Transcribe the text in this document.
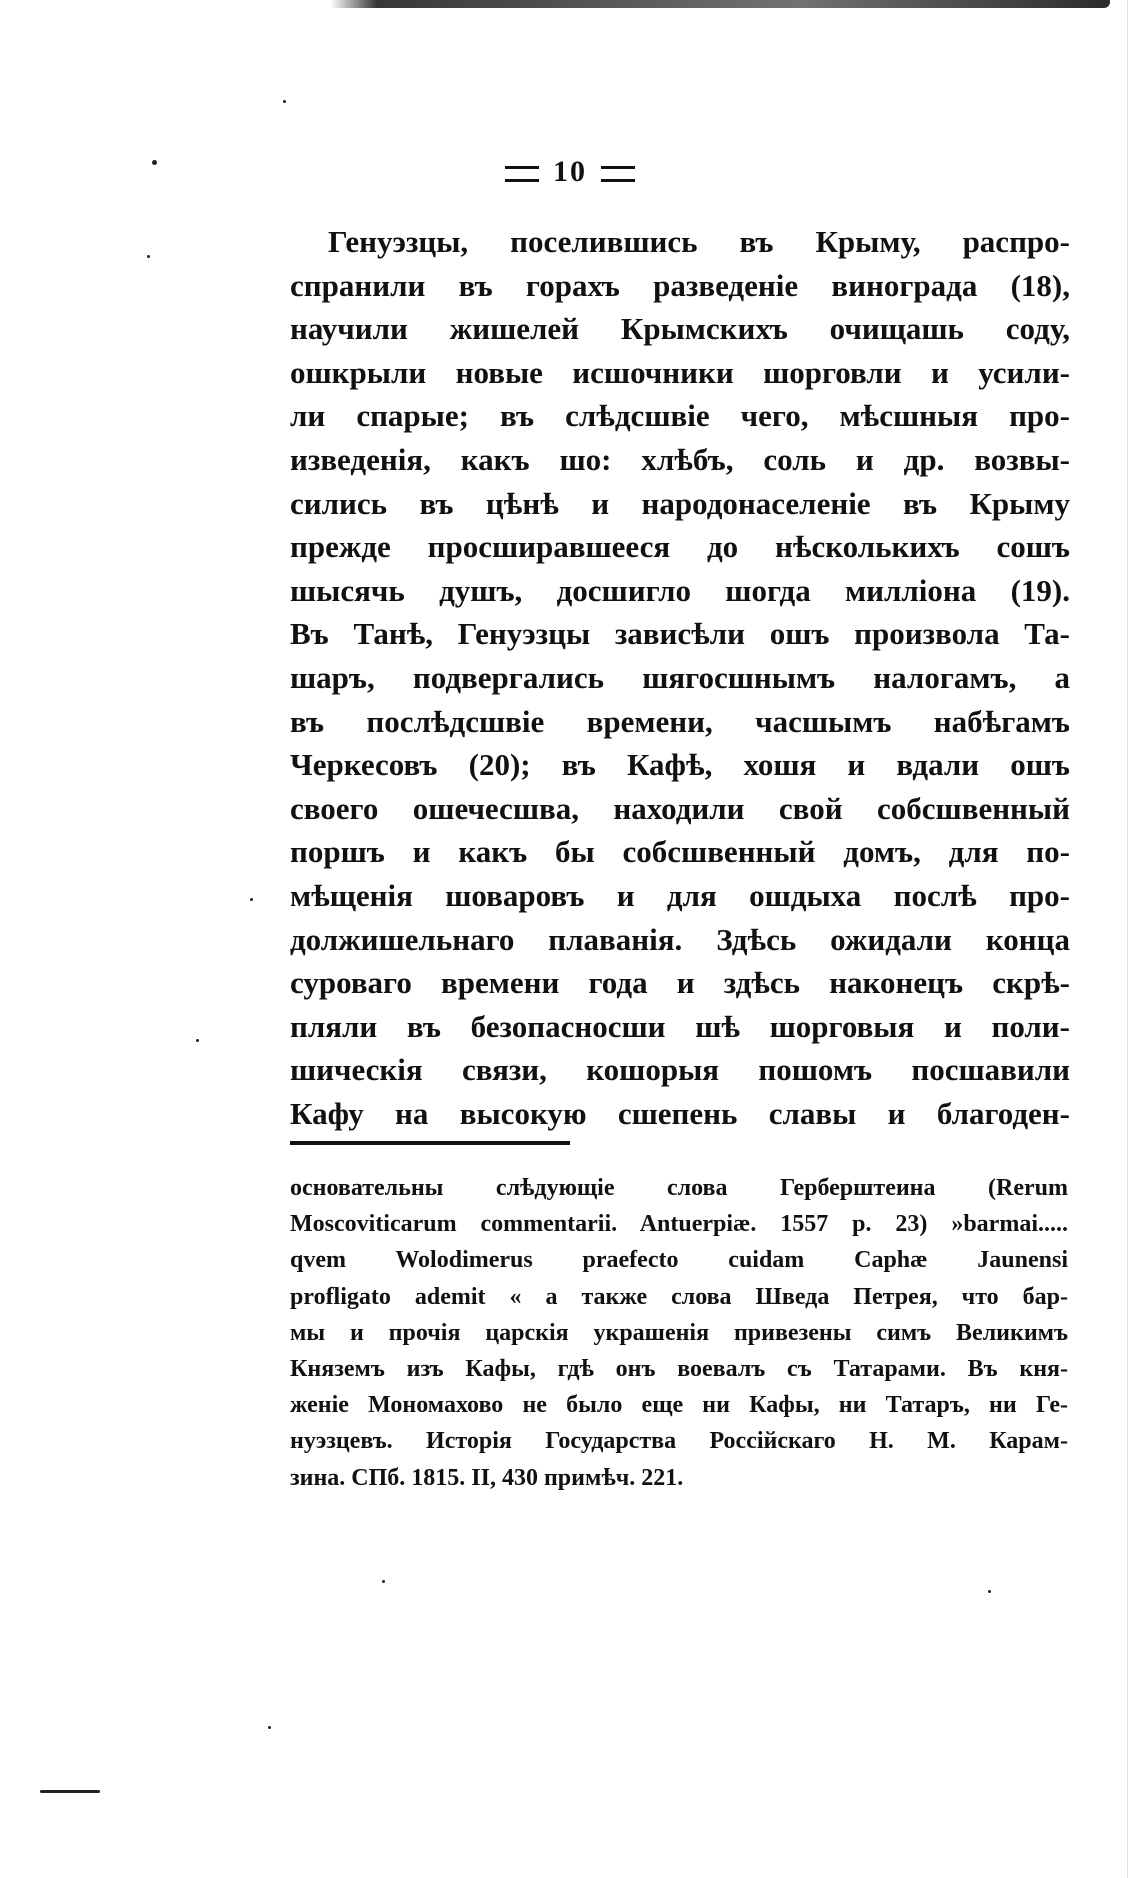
10
Генуэзцы, поселившись въ Крыму, распро-
спранили въ горахъ разведеніе винограда (18),
научили жишелей Крымскихъ очищашь соду,
ошкрыли новые исшочники шорговли и усили-
ли спарые; въ слѣдсшвіе чего, мѣсшныя про-
изведенія, какъ шо: хлѣбъ, соль и др. возвы-
сились въ цѣнѣ и народонаселеніе въ Крыму
прежде просширавшееся до нѣсколькихъ сошъ
шысячь душъ, досшигло шогда милліона (19).
Въ Танѣ, Генуэзцы зависѣли ошъ произвола Та-
шаръ, подвергались шягосшнымъ налогамъ, а
въ послѣдсшвіе времени, часшымъ набѣгамъ
Черкесовъ (20); въ Кафѣ, хошя и вдали ошъ
своего ошечесшва, находили свой собсшвенный
поршъ и какъ бы собсшвенный домъ, для по-
мѣщенія шоваровъ и для ошдыха послѣ про-
должишельнаго плаванія. Здѣсь ожидали конца
суроваго времени года и здѣсь наконецъ скрѣ-
пляли въ безопасносши шѣ шорговыя и поли-
шическія связи, кошорыя пошомъ посшавили
Кафу на высокую сшепень славы и благоден-
основательны слѣдующіе слова Герберштеина (Rerum
Moscoviticarum commentarii. Antuerpiæ. 1557 p. 23) »barmai.....
qvem Wolodimerus praefecto cuidam Caphæ Jaunensi
profligato ademit « а также слова Шведа Петрея, что бар-
мы и прочія царскія украшенія привезены симъ Великимъ
Княземъ изъ Кафы, гдѣ онъ воевалъ съ Татарами. Въ кня-
женіе Мономахово не было еще ни Кафы, ни Татаръ, ни Ге-
нуэзцевъ. Исторія Государства Россійскаго Н. М. Карам-
зина. СПб. 1815. II, 430 примѣч. 221.
